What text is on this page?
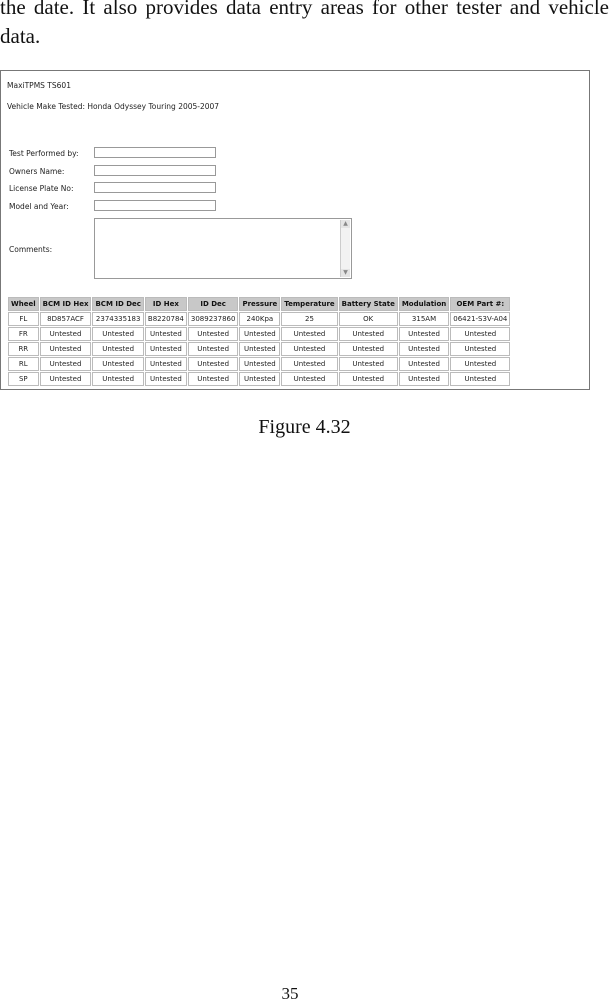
the date. It also provides data entry areas for other tester and vehicle
data.
MaxiTPMS TS601
Vehicle Make Tested: Honda Odyssey Touring 2005-2007
Test Performed by:
Owners Name:
License Plate No:
Model and Year:
Comments:
▲
▼
Wheel	BCM ID Hex	BCM ID Dec	ID Hex	ID Dec	Pressure	Temperature	Battery State	Modulation	OEM Part #:
FL	8D857ACF	2374335183	B8220784	3089237860	240Kpa	25	OK	315AM	06421-S3V-A04
FR	Untested	Untested	Untested	Untested	Untested	Untested	Untested	Untested	Untested
RR	Untested	Untested	Untested	Untested	Untested	Untested	Untested	Untested	Untested
RL	Untested	Untested	Untested	Untested	Untested	Untested	Untested	Untested	Untested
SP	Untested	Untested	Untested	Untested	Untested	Untested	Untested	Untested	Untested
Figure 4.32
35
